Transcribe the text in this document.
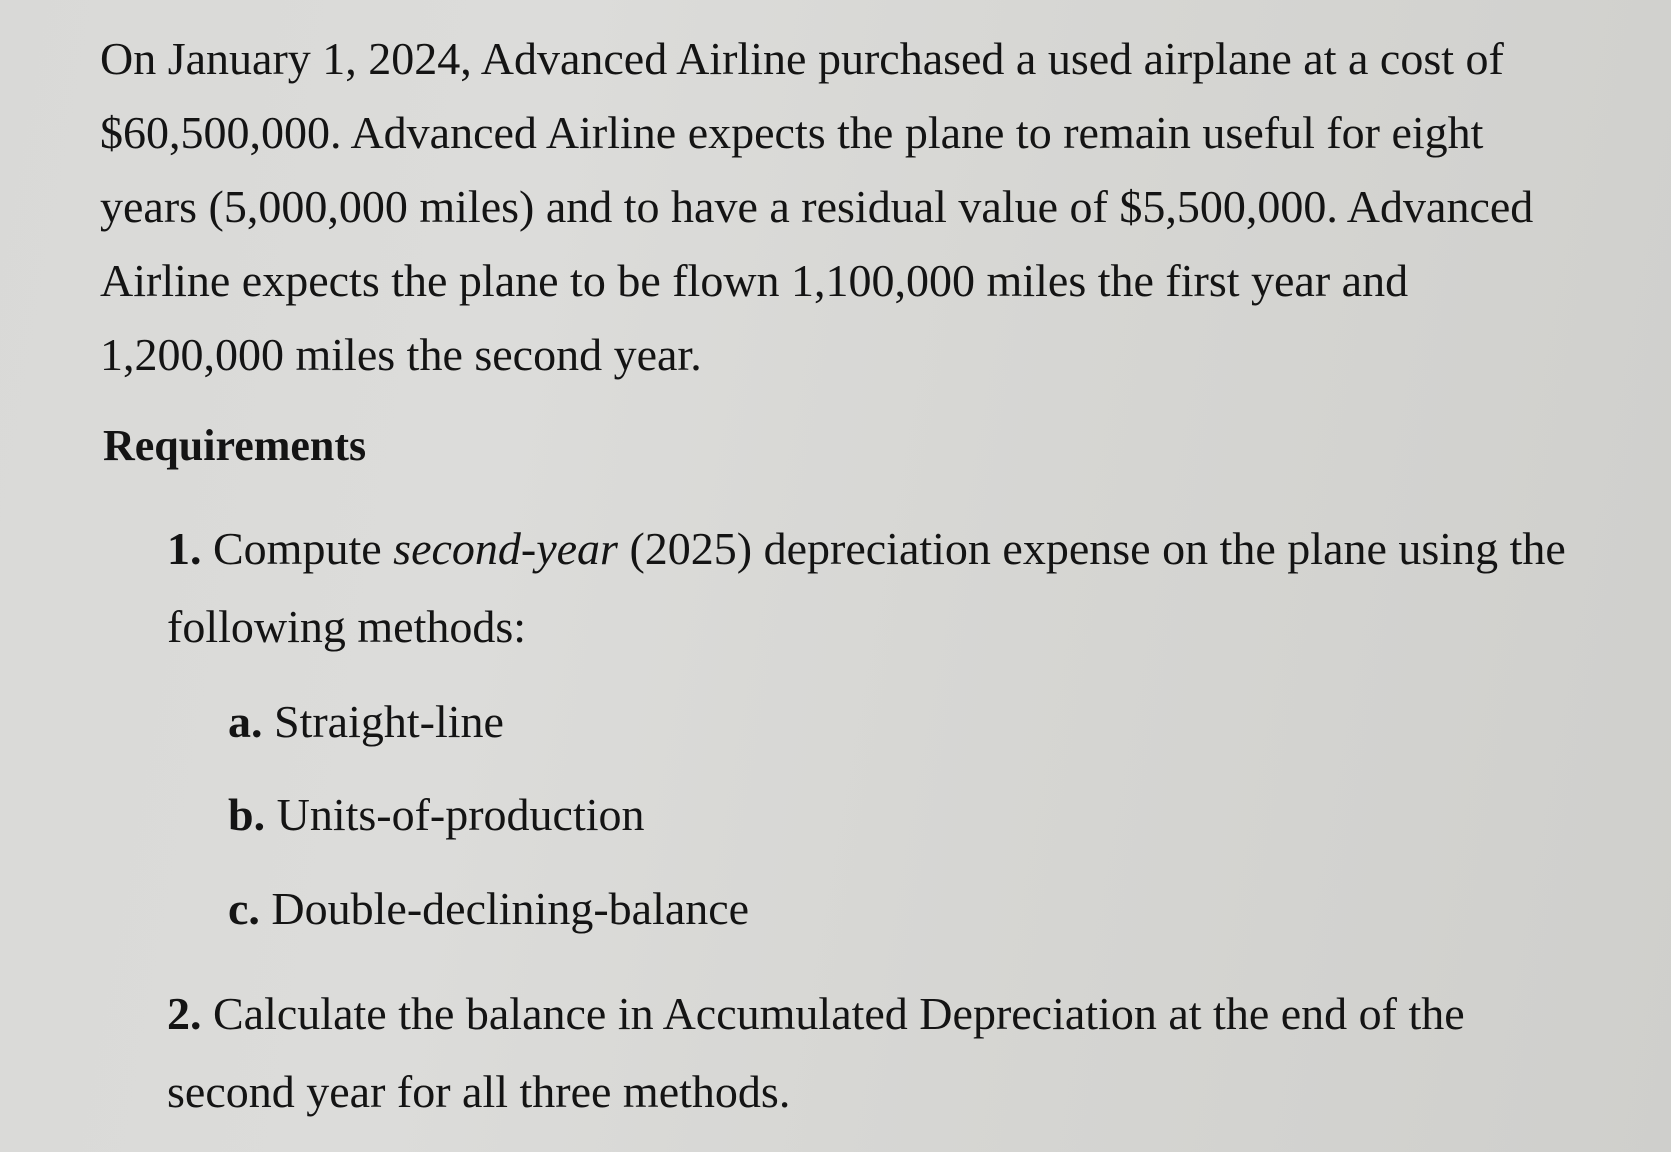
On January 1, 2024, Advanced Airline purchased a used airplane at a cost of $60,500,000. Advanced Airline expects the plane to remain useful for eight years (5,000,000 miles) and to have a residual value of $5,500,000. Advanced Airline expects the plane to be flown 1,100,000 miles the first year and 1,200,000 miles the second year.

Requirements

1. Compute second-year (2025) depreciation expense on the plane using the following methods:

a. Straight-line

b. Units-of-production

c. Double-declining-balance

2. Calculate the balance in Accumulated Depreciation at the end of the second year for all three methods.
